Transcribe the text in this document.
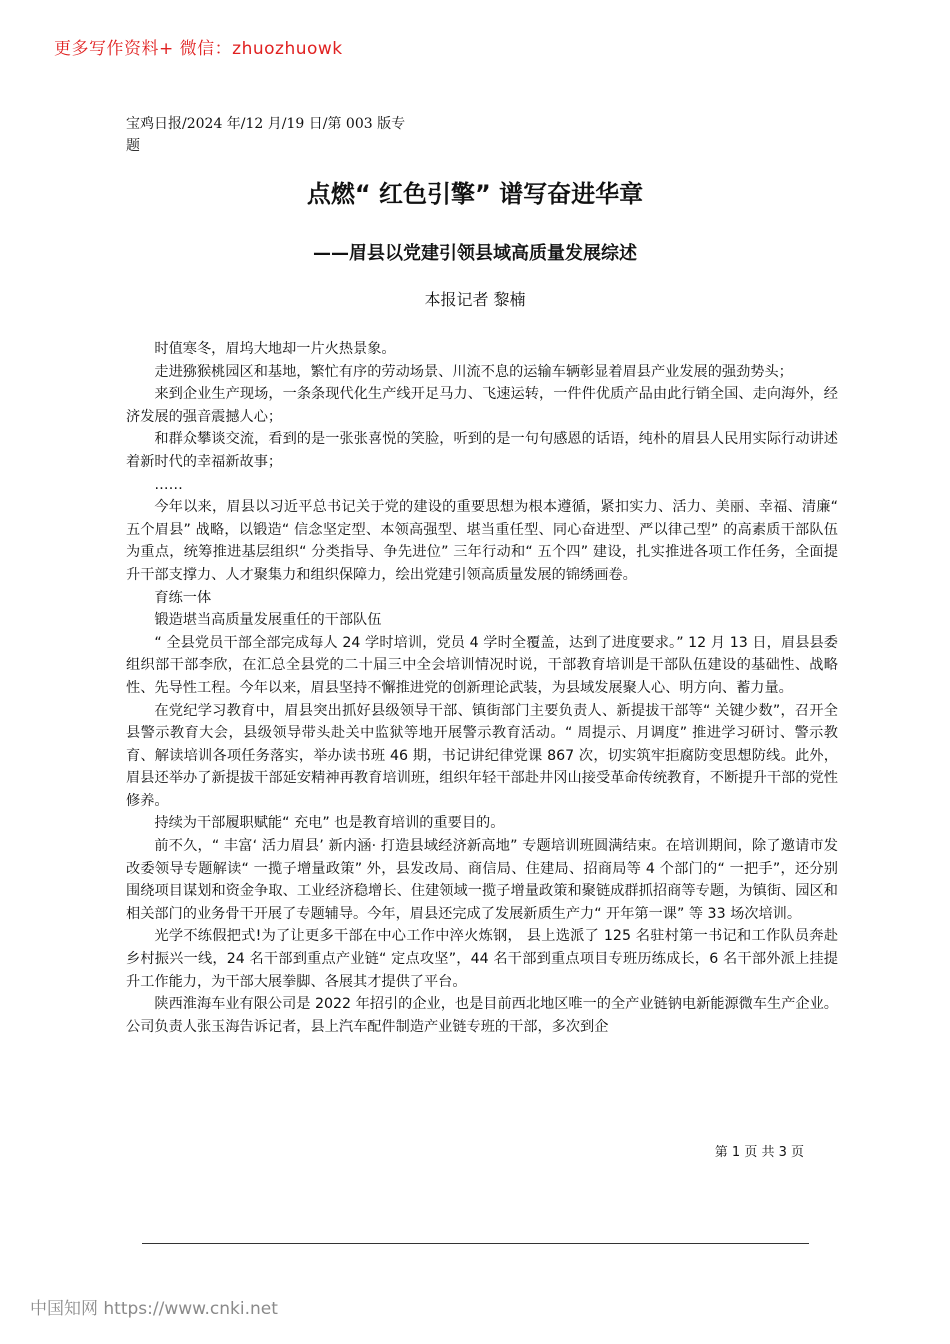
更多写作资料+ 微信：zhuozhuowk
宝鸡日报/2024 年/12 月/19 日/第 003 版专题
点燃“ 红色引擎” 谱写奋进华章
——眉县以党建引领县域高质量发展综述
本报记者 黎楠

时值寒冬，眉坞大地却一片火热景象。

走进猕猴桃园区和基地，繁忙有序的劳动场景、川流不息的运输车辆彰显着眉县产业发展的强劲势头；

来到企业生产现场，一条条现代化生产线开足马力、飞速运转，一件件优质产品由此行销全国、走向海外，经济发展的强音震撼人心；

和群众攀谈交流，看到的是一张张喜悦的笑脸，听到的是一句句感恩的话语，纯朴的眉县人民用实际行动讲述着新时代的幸福新故事；

……

今年以来，眉县以习近平总书记关于党的建设的重要思想为根本遵循，紧扣实力、活力、美丽、幸福、清廉“ 五个眉县” 战略，以锻造“ 信念坚定型、本领高强型、堪当重任型、同心奋进型、严以律己型” 的高素质干部队伍为重点，统筹推进基层组织“ 分类指导、争先进位” 三年行动和“ 五个四” 建设，扎实推进各项工作任务，全面提升干部支撑力、人才聚集力和组织保障力，绘出党建引领高质量发展的锦绣画卷。

育练一体

锻造堪当高质量发展重任的干部队伍

“ 全县党员干部全部完成每人 24 学时培训，党员 4 学时全覆盖，达到了进度要求。” 12 月 13 日，眉县县委组织部干部李欣，在汇总全县党的二十届三中全会培训情况时说，干部教育培训是干部队伍建设的基础性、战略性、先导性工程。今年以来，眉县坚持不懈推进党的创新理论武装，为县域发展聚人心、明方向、蓄力量。

在党纪学习教育中，眉县突出抓好县级领导干部、镇街部门主要负责人、新提拔干部等“ 关键少数”，召开全县警示教育大会，县级领导带头赴关中监狱等地开展警示教育活动。“ 周提示、月调度” 推进学习研讨、警示教育、解读培训各项任务落实，举办读书班 46 期，书记讲纪律党课 867 次，切实筑牢拒腐防变思想防线。此外，眉县还举办了新提拔干部延安精神再教育培训班，组织年轻干部赴井冈山接受革命传统教育，不断提升干部的党性修养。

持续为干部履职赋能“ 充电” 也是教育培训的重要目的。

前不久，“ 丰富‘ 活力眉县’ 新内涵· 打造县域经济新高地” 专题培训班圆满结束。在培训期间，除了邀请市发改委领导专题解读“ 一揽子增量政策” 外，县发改局、商信局、住建局、招商局等 4 个部门的“ 一把手”，还分别围绕项目谋划和资金争取、工业经济稳增长、住建领域一揽子增量政策和聚链成群抓招商等专题，为镇街、园区和相关部门的业务骨干开展了专题辅导。今年，眉县还完成了发展新质生产力“ 开年第一课” 等 33 场次培训。

光学不练假把式!为了让更多干部在中心工作中淬火炼钢， 县上选派了 125 名驻村第一书记和工作队员奔赴乡村振兴一线，24 名干部到重点产业链“ 定点攻坚”，44 名干部到重点项目专班历练成长，6 名干部外派上挂提升工作能力，为干部大展拳脚、各展其才提供了平台。

陕西淮海车业有限公司是 2022 年招引的企业，也是目前西北地区唯一的全产业链钠电新能源微车生产企业。公司负责人张玉海告诉记者，县上汽车配件制造产业链专班的干部，多次到企

第 1 页 共 3 页
中国知网 https://www.cnki.net
